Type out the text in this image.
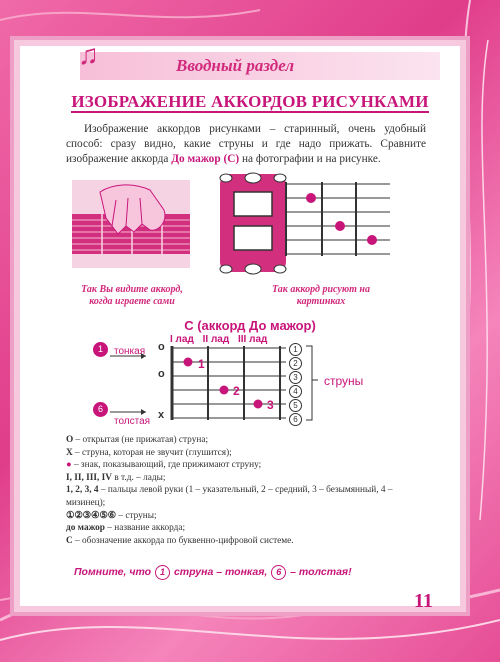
♫	Вводный раздел
ИЗОБРАЖЕНИЕ АККОРДОВ РИСУНКАМИ
Изображение аккордов рисунками – старинный, очень удобный способ: сразу видно, какие струны и где надо прижать. Сравните изображение аккорда До мажор (С) на фотографии и на рисунке.
Так Вы видите аккорд, когда играете сами
Так аккорд рисуют на картинках
С (аккорд До мажор)
I лад II лад III лад
1	тонкая
6
толстая
o
o
x
1
2
3
1
2
3
4
5
6
струны
O – открытая (не прижатая) струна;
X – струна, которая не звучит (глушится);
● – знак, показывающий, где прижимают струну;
I, II, III, IV в т.д. – лады;
1, 2, 3, 4 – пальцы левой руки (1 – указательный, 2 – средний, 3 – безымянный, 4 – мизинец);
①②③④⑤⑥ – струны;
до мажор – название аккорда;
С – обозначение аккорда по буквенно-цифровой системе.
Помните, что 1 струна – тонкая, 6 – толстая!
11
